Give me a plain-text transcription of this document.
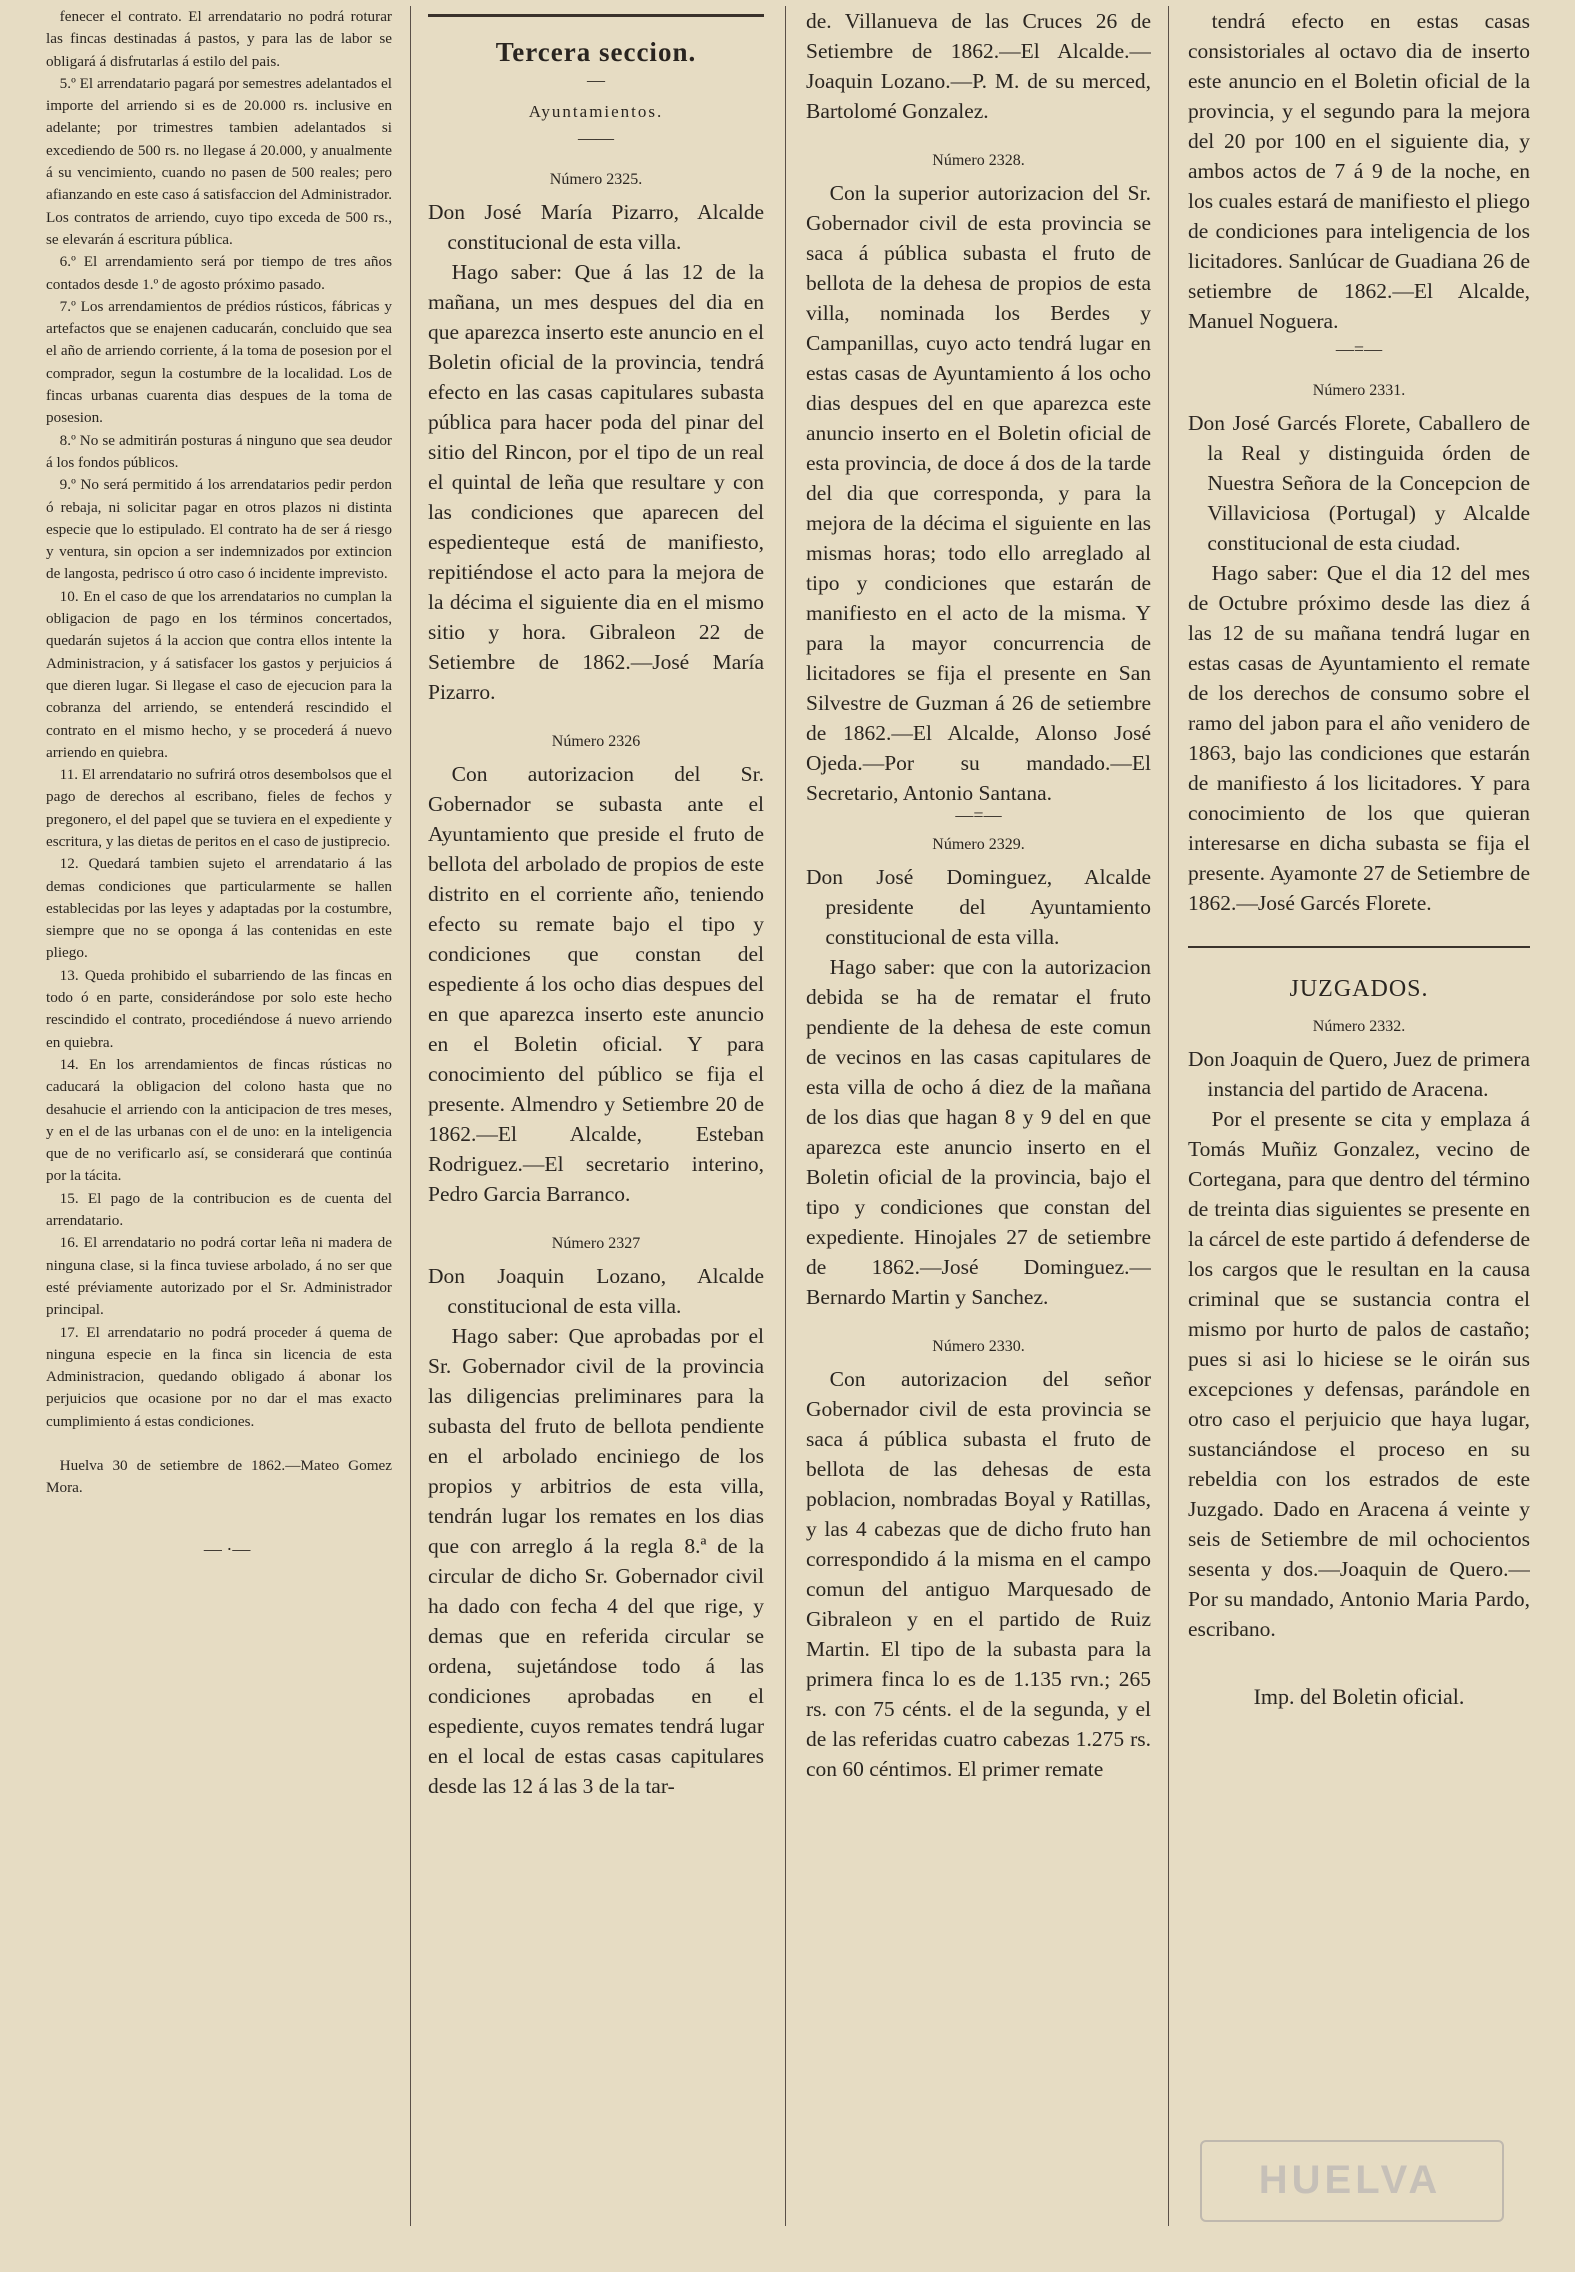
fenecer el contrato. El arrendatario no podrá roturar las fincas destinadas á pastos, y para las de labor se obligará á disfrutarlas á estilo del pais.

5.º El arrendatario pagará por semestres adelantados el importe del arriendo si es de 20.000 rs. inclusive en adelante; por trimestres tambien adelantados si excediendo de 500 rs. no llegase á 20.000, y anualmente á su vencimiento, cuando no pasen de 500 reales; pero afianzando en este caso á satisfaccion del Administrador. Los contratos de arriendo, cuyo tipo exceda de 500 rs., se elevarán á escritura pública.

6.º El arrendamiento será por tiempo de tres años contados desde 1.º de agosto próximo pasado.

7.º Los arrendamientos de prédios rústicos, fábricas y artefactos que se enajenen caducarán, concluido que sea el año de arriendo corriente, á la toma de posesion por el comprador, segun la costumbre de la localidad. Los de fincas urbanas cuarenta dias despues de la toma de posesion.

8.º No se admitirán posturas á ninguno que sea deudor á los fondos públicos.

9.º No será permitido á los arrendatarios pedir perdon ó rebaja, ni solicitar pagar en otros plazos ni distinta especie que lo estipulado. El contrato ha de ser á riesgo y ventura, sin opcion a ser indemnizados por extincion de langosta, pedrisco ú otro caso ó incidente imprevisto.

10. En el caso de que los arrendatarios no cumplan la obligacion de pago en los términos concertados, quedarán sujetos á la accion que contra ellos intente la Administracion, y á satisfacer los gastos y perjuicios á que dieren lugar. Si llegase el caso de ejecucion para la cobranza del arriendo, se entenderá rescindido el contrato en el mismo hecho, y se procederá á nuevo arriendo en quiebra.

11. El arrendatario no sufrirá otros desembolsos que el pago de derechos al escribano, fieles de fechos y pregonero, el del papel que se tuviera en el expediente y escritura, y las dietas de peritos en el caso de justiprecio.

12. Quedará tambien sujeto el arrendatario á las demas condiciones que particularmente se hallen establecidas por las leyes y adaptadas por la costumbre, siempre que no se oponga á las contenidas en este pliego.

13. Queda prohibido el subarriendo de las fincas en todo ó en parte, considerándose por solo este hecho rescindido el contrato, procediéndose á nuevo arriendo en quiebra.

14. En los arrendamientos de fincas rústicas no caducará la obligacion del colono hasta que no desahucie el arriendo con la anticipacion de tres meses, y en el de las urbanas con el de uno: en la inteligencia que de no verificarlo así, se considerará que continúa por la tácita.

15. El pago de la contribucion es de cuenta del arrendatario.

16. El arrendatario no podrá cortar leña ni madera de ninguna clase, si la finca tuviese arbolado, á no ser que esté préviamente autorizado por el Sr. Administrador principal.

17. El arrendatario no podrá proceder á quema de ninguna especie en la finca sin licencia de esta Administracion, quedando obligado á abonar los perjuicios que ocasione por no dar el mas exacto cumplimiento á estas condiciones.

Huelva 30 de setiembre de 1862.—Mateo Gomez Mora.

— ·—

Tercera seccion.

—

Ayuntamientos.

——

Número 2325.

Don José María Pizarro, Alcalde constitucional de esta villa.

Hago saber: Que á las 12 de la mañana, un mes despues del dia en que aparezca inserto este anuncio en el Boletin oficial de la provincia, tendrá efecto en las casas capitulares subasta pública para hacer poda del pinar del sitio del Rincon, por el tipo de un real el quintal de leña que resultare y con las condiciones que aparecen del espedienteque está de manifiesto, repitiéndose el acto para la mejora de la décima el siguiente dia en el mismo sitio y hora. Gibraleon 22 de Setiembre de 1862.—José María Pizarro.

Número 2326

Con autorizacion del Sr. Gobernador se subasta ante el Ayuntamiento que preside el fruto de bellota del arbolado de propios de este distrito en el corriente año, teniendo efecto su remate bajo el tipo y condiciones que constan del espediente á los ocho dias despues del en que aparezca inserto este anuncio en el Boletin oficial. Y para conocimiento del público se fija el presente. Almendro y Setiembre 20 de 1862.—El Alcalde, Esteban Rodriguez.—El secretario interino, Pedro Garcia Barranco.

Número 2327

Don Joaquin Lozano, Alcalde constitucional de esta villa.

Hago saber: Que aprobadas por el Sr. Gobernador civil de la provincia las diligencias preliminares para la subasta del fruto de bellota pendiente en el arbolado enciniego de los propios y arbitrios de esta villa, tendrán lugar los remates en los dias que con arreglo á la regla 8.ª de la circular de dicho Sr. Gobernador civil ha dado con fecha 4 del que rige, y demas que en referida circular se ordena, sujetándose todo á las condiciones aprobadas en el espediente, cuyos remates tendrá lugar en el local de estas casas capitulares desde las 12 á las 3 de la tar-

de. Villanueva de las Cruces 26 de Setiembre de 1862.—El Alcalde.—Joaquin Lozano.—P. M. de su merced, Bartolomé Gonzalez.

Número 2328.

Con la superior autorizacion del Sr. Gobernador civil de esta provincia se saca á pública subasta el fruto de bellota de la dehesa de propios de esta villa, nominada los Berdes y Campanillas, cuyo acto tendrá lugar en estas casas de Ayuntamiento á los ocho dias despues del en que aparezca este anuncio inserto en el Boletin oficial de esta provincia, de doce á dos de la tarde del dia que corresponda, y para la mejora de la décima el siguiente en las mismas horas; todo ello arreglado al tipo y condiciones que estarán de manifiesto en el acto de la misma. Y para la mayor concurrencia de licitadores se fija el presente en San Silvestre de Guzman á 26 de setiembre de 1862.—El Alcalde, Alonso José Ojeda.—Por su mandado.—El Secretario, Antonio Santana.

—=—

Número 2329.

Don José Dominguez, Alcalde presidente del Ayuntamiento constitucional de esta villa.

Hago saber: que con la autorizacion debida se ha de rematar el fruto pendiente de la dehesa de este comun de vecinos en las casas capitulares de esta villa de ocho á diez de la mañana de los dias que hagan 8 y 9 del en que aparezca este anuncio inserto en el Boletin oficial de la provincia, bajo el tipo y condiciones que constan del expediente. Hinojales 27 de setiembre de 1862.—José Dominguez.—Bernardo Martin y Sanchez.

Número 2330.

Con autorizacion del señor Gobernador civil de esta provincia se saca á pública subasta el fruto de bellota de las dehesas de esta poblacion, nombradas Boyal y Ratillas, y las 4 cabezas que de dicho fruto han correspondido á la misma en el campo comun del antiguo Marquesado de Gibraleon y en el partido de Ruiz Martin. El tipo de la subasta para la primera finca lo es de 1.135 rvn.; 265 rs. con 75 cénts. el de la segunda, y el de las referidas cuatro cabezas 1.275 rs. con 60 céntimos. El primer remate

tendrá efecto en estas casas consistoriales al octavo dia de inserto este anuncio en el Boletin oficial de la provincia, y el segundo para la mejora del 20 por 100 en el siguiente dia, y ambos actos de 7 á 9 de la noche, en los cuales estará de manifiesto el pliego de condiciones para inteligencia de los licitadores. Sanlúcar de Guadiana 26 de setiembre de 1862.—El Alcalde, Manuel Noguera.

—=—

Número 2331.

Don José Garcés Florete, Caballero de la Real y distinguida órden de Nuestra Señora de la Concepcion de Villaviciosa (Portugal) y Alcalde constitucional de esta ciudad.

Hago saber: Que el dia 12 del mes de Octubre próximo desde las diez á las 12 de su mañana tendrá lugar en estas casas de Ayuntamiento el remate de los derechos de consumo sobre el ramo del jabon para el año venidero de 1863, bajo las condiciones que estarán de manifiesto á los licitadores. Y para conocimiento de los que quieran interesarse en dicha subasta se fija el presente. Ayamonte 27 de Setiembre de 1862.—José Garcés Florete.

JUZGADOS.

Número 2332.

Don Joaquin de Quero, Juez de primera instancia del partido de Aracena.

Por el presente se cita y emplaza á Tomás Muñiz Gonzalez, vecino de Cortegana, para que dentro del término de treinta dias siguientes se presente en la cárcel de este partido á defenderse de los cargos que le resultan en la causa criminal que se sustancia contra el mismo por hurto de palos de castaño; pues si asi lo hiciese se le oirán sus excepciones y defensas, parándole en otro caso el perjuicio que haya lugar, sustanciándose el proceso en su rebeldia con los estrados de este Juzgado. Dado en Aracena á veinte y seis de Setiembre de mil ochocientos sesenta y dos.—Joaquin de Quero.—Por su mandado, Antonio Maria Pardo, escribano.

Imp. del Boletin oficial.

HUELVA
